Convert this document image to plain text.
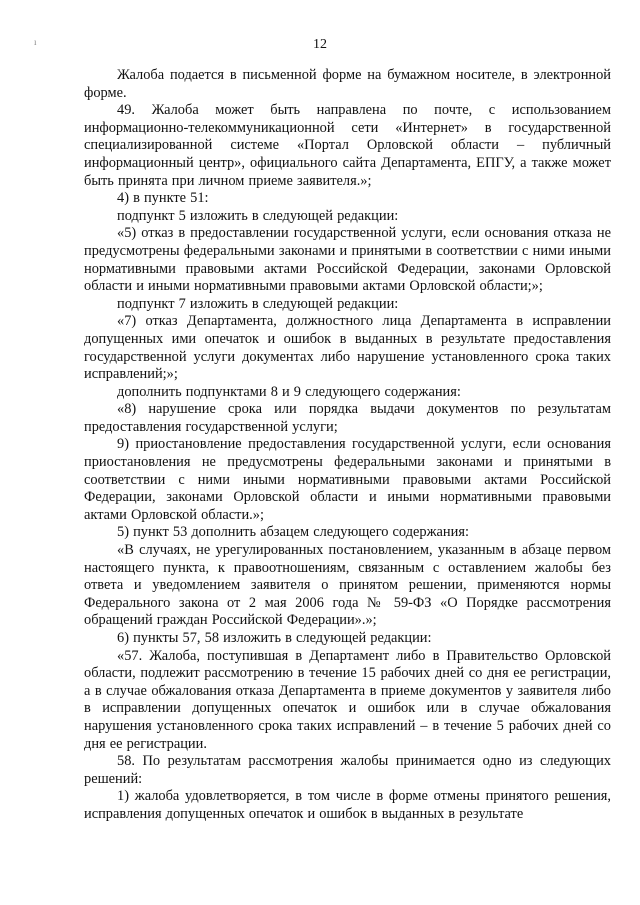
ı	12

Жалоба подается в письменной форме на бумажном носителе, в электронной форме.

49. Жалоба может быть направлена по почте, с использованием информационно-телекоммуникационной сети «Интернет» в государственной специализированной системе «Портал Орловской области – публичный информационный центр», официального сайта Департамента, ЕПГУ, а также может быть принята при личном приеме заявителя.»;

4) в пункте 51:

подпункт 5 изложить в следующей редакции:

«5) отказ в предоставлении государственной услуги, если основания отказа не предусмотрены федеральными законами и принятыми в соответствии с ними иными нормативными правовыми актами Российской Федерации, законами Орловской области и иными нормативными правовыми актами Орловской области;»;

подпункт 7 изложить в следующей редакции:

«7) отказ Департамента, должностного лица Департамента в исправлении допущенных ими опечаток и ошибок в выданных в результате предоставления государственной услуги документах либо нарушение установленного срока таких исправлений;»;

дополнить подпунктами 8 и 9 следующего содержания:

«8) нарушение срока или порядка выдачи документов по результатам предоставления государственной услуги;

9) приостановление предоставления государственной услуги, если основания приостановления не предусмотрены федеральными законами и принятыми в соответствии с ними иными нормативными правовыми актами Российской Федерации, законами Орловской области и иными нормативными правовыми актами Орловской области.»;

5) пункт 53 дополнить абзацем следующего содержания:

«В случаях, не урегулированных постановлением, указанным в абзаце первом настоящего пункта, к правоотношениям, связанным с оставлением жалобы без ответа и уведомлением заявителя о принятом решении, применяются нормы Федерального закона от 2 мая 2006 года № 59-ФЗ «О Порядке рассмотрения обращений граждан Российской Федерации».»;

6) пункты 57, 58 изложить в следующей редакции:

«57. Жалоба, поступившая в Департамент либо в Правительство Орловской области, подлежит рассмотрению в течение 15 рабочих дней со дня ее регистрации, а в случае обжалования отказа Департамента в приеме документов у заявителя либо в исправлении допущенных опечаток и ошибок или в случае обжалования нарушения установленного срока таких исправлений – в течение 5 рабочих дней со дня ее регистрации.

58. По результатам рассмотрения жалобы принимается одно из следующих решений:

1) жалоба удовлетворяется, в том числе в форме отмены принятого решения, исправления допущенных опечаток и ошибок в выданных в результате
